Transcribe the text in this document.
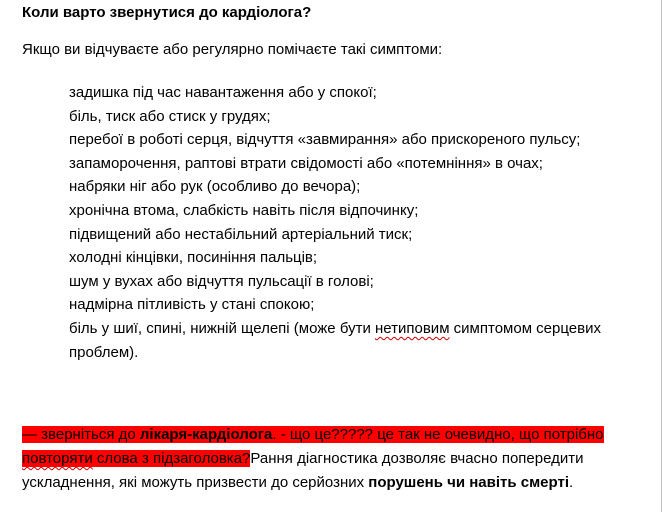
Коли варто звернутися до кардіолога?
Якщо ви відчуваєте або регулярно помічаєте такі симптоми:
задишка під час навантаження або у спокої;
біль, тиск або стиск у грудях;
перебої в роботі серця, відчуття «завмирання» або прискореного пульсу;
запаморочення, раптові втрати свідомості або «потемніння» в очах;
набряки ніг або рук (особливо до вечора);
хронічна втома, слабкість навіть після відпочинку;
підвищений або нестабільний артеріальний тиск;
холодні кінцівки, посиніння пальців;
шум у вухах або відчуття пульсації в голові;
надмірна пітливість у стані спокою;
біль у шиї, спині, нижній щелепі (може бути нетиповим симптомом серцевих
проблем).
— зверніться до лікаря-кардіолога. - що це????? це так не очевидно, що потрібно
повторяти слова з підзаголовка?Рання діагностика дозволяє вчасно попередити
ускладнення, які можуть призвести до серйозних порушень чи навіть смерті.
